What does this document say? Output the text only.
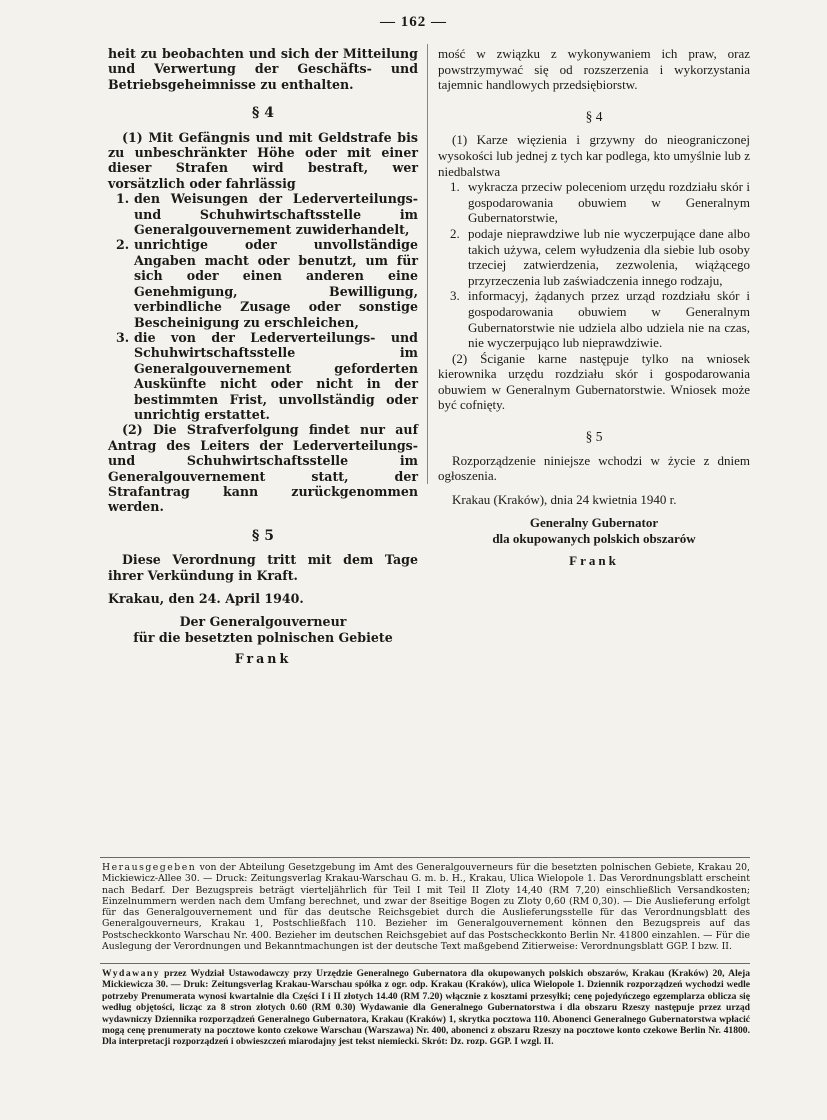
— 162 —

heit zu beobachten und sich der Mitteilung und Verwertung der Geschäfts- und Betriebsgeheimnisse zu enthalten.

§ 4

(1) Mit Gefängnis und mit Geldstrafe bis zu unbeschränkter Höhe oder mit einer dieser Strafen wird bestraft, wer vorsätzlich oder fahrlässig

1. den Weisungen der Lederverteilungs- und Schuhwirtschaftsstelle im Generalgouvernement zuwiderhandelt,
2. unrichtige oder unvollständige Angaben macht oder benutzt, um für sich oder einen anderen eine Genehmigung, Bewilligung, verbindliche Zusage oder sonstige Bescheinigung zu erschleichen,
3. die von der Lederverteilungs- und Schuhwirtschaftsstelle im Generalgouvernement geforderten Auskünfte nicht oder nicht in der bestimmten Frist, unvollständig oder unrichtig erstattet.

(2) Die Strafverfolgung findet nur auf Antrag des Leiters der Lederverteilungs- und Schuhwirtschaftsstelle im Generalgouvernement statt, der Strafantrag kann zurückgenommen werden.

§ 5

Diese Verordnung tritt mit dem Tage ihrer Verkündung in Kraft.

Krakau, den 24. April 1940.

Der Generalgouverneur
für die besetzten polnischen Gebiete
Frank

mość w związku z wykonywaniem ich praw, oraz powstrzymywać się od rozszerzenia i wykorzystania tajemnic handlowych przedsiębiorstw.

§ 4

(1) Karze więzienia i grzywny do nieograniczonej wysokości lub jednej z tych kar podlega, kto umyślnie lub z niedbalstwa

1. wykracza przeciw poleceniom urzędu rozdziału skór i gospodarowania obuwiem w Generalnym Gubernatorstwie,
2. podaje nieprawdziwe lub nie wyczerpujące dane albo takich używa, celem wyłudzenia dla siebie lub osoby trzeciej zatwierdzenia, zezwolenia, wiążącego przyrzeczenia lub zaświadczenia innego rodzaju,
3. informacyj, żądanych przez urząd rozdziału skór i gospodarowania obuwiem w Generalnym Gubernatorstwie nie udziela albo udziela nie na czas, nie wyczerpująco lub nieprawdziwie.

(2) Ściganie karne następuje tylko na wniosek kierownika urzędu rozdziału skór i gospodarowania obuwiem w Generalnym Gubernatorstwie. Wniosek może być cofnięty.

§ 5

Rozporządzenie niniejsze wchodzi w życie z dniem ogłoszenia.

Krakau (Kraków), dnia 24 kwietnia 1940 r.

Generalny Gubernator
dla okupowanych polskich obszarów
Frank

Herausgegeben von der Abteilung Gesetzgebung im Amt des Generalgouverneurs für die besetzten polnischen Gebiete, Krakau 20, Mickiewicz-Allee 30. — Druck: Zeitungsverlag Krakau-Warschau G. m. b. H., Krakau, Ulica Wielopole 1. Das Verordnungsblatt erscheint nach Bedarf. Der Bezugspreis beträgt vierteljährlich für Teil I mit Teil II Zloty 14,40 (RM 7,20) einschließlich Versandkosten; Einzelnummern werden nach dem Umfang berechnet, und zwar der 8seitige Bogen zu Zloty 0,60 (RM 0,30). — Die Auslieferung erfolgt für das Generalgouvernement und für das deutsche Reichsgebiet durch die Auslieferungsstelle für das Verordnungsblatt des Generalgouverneurs, Krakau 1, Postschließfach 110. Bezieher im Generalgouvernement können den Bezugspreis auf das Postscheckkonto Warschau Nr. 400. Bezieher im deutschen Reichsgebiet auf das Postscheckkonto Berlin Nr. 41800 einzahlen. — Für die Auslegung der Verordnungen und Bekanntmachungen ist der deutsche Text maßgebend Zitierweise: Verordnungsblatt GGP. I bzw. II.

Wydawany przez Wydział Ustawodawczy przy Urzędzie Generalnego Gubernatora dla okupowanych polskich obszarów, Krakau (Kraków) 20, Aleja Mickiewicza 30. — Druk: Zeitungsverlag Krakau-Warschau spółka z ogr. odp. Krakau (Kraków), ulica Wielopole 1. Dziennik rozporządzeń wychodzi wedle potrzeby Prenumerata wynosi kwartalnie dla Części I i II złotych 14.40 (RM 7.20) włącznie z kosztami przesyłki; cenę pojedyńczego egzemplarza oblicza się według objętości, licząc za 8 stron złotych 0.60 (RM 0.30) Wydawanie dla Generalnego Gubernatorstwa i dla obszaru Rzeszy następuje przez urząd wydawniczy Dziennika rozporządzeń Generalnego Gubernatora, Krakau (Kraków) 1, skrytka pocztowa 110. Abonenci Generalnego Gubernatorstwa wpłacić mogą cenę prenumeraty na pocztowe konto czekowe Warschau (Warszawa) Nr. 400, abonenci z obszaru Rzeszy na pocztowe konto czekowe Berlin Nr. 41800. Dla interpretacji rozporządzeń i obwieszczeń miarodajny jest tekst niemiecki. Skrót: Dz. rozp. GGP. I wzgl. II.
